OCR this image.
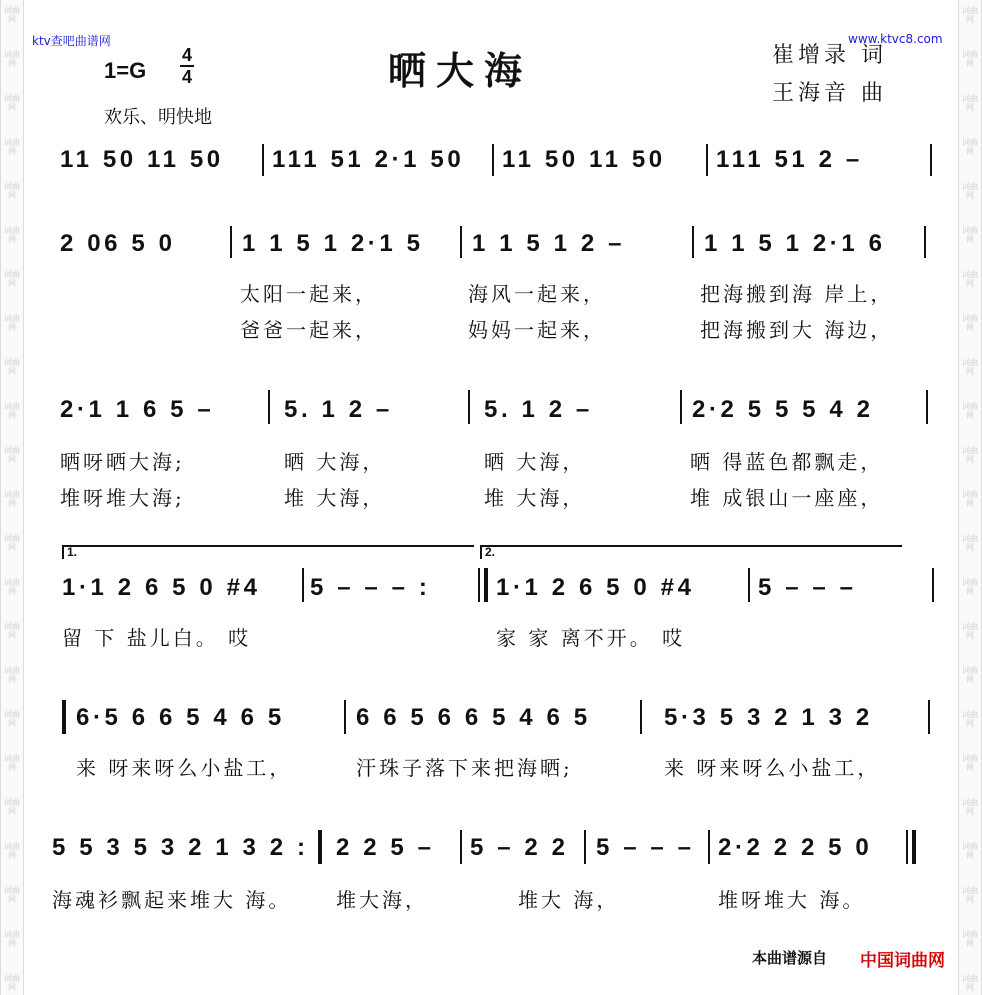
词曲网
词曲网
词曲网
词曲网
词曲网
词曲网
词曲网
词曲网
词曲网
词曲网
词曲网
词曲网
词曲网
词曲网
词曲网
词曲网
词曲网
词曲网
词曲网
词曲网
词曲网
词曲网
词曲网
词曲网
词曲网
词曲网
词曲网
词曲网
词曲网
词曲网
词曲网
词曲网
词曲网
词曲网
词曲网
词曲网
词曲网
词曲网
词曲网
词曲网
词曲网
词曲网
词曲网
词曲网
词曲网
词曲网
ktv查吧曲谱网	www.ktvc8.com
晒大海	崔增录 词
王海音 曲
1=G
4
4
欢乐、明快地
11 50 11 50 111 51 2·1 50 11 50 11 50 111 51 2 –
2 06 5 0	1 1 5 1 2·1 5 1 1 5 1 2 –	1 1 5 1 2·1 6
太阳一起来，	海风一起来，	把海搬到海 岸上，
爸爸一起来，	妈妈一起来，	把海搬到大 海边，
2·1 1 6 5 –	5. 1 2 –	5. 1 2 –	2·2 5 5 5 4 2
晒呀晒大海;	晒 大海，	晒 大海，	晒 得蓝色都飘走，
堆呀堆大海;	堆 大海，	堆 大海，	堆 成银山一座座，
1.	2.
1·1 2 6 5 0 #4 5 – – – :	1·1 2 6 5 0 #4	5 – – –
留 下 盐儿白。 哎	家 家 离不开。 哎
6·5 6 6 5 4 6 5	6 6 5 6 6 5 4 6 5	5·3 5 3 2 1 3 2
来 呀来呀么小盐工，	汗珠子落下来把海晒;	来 呀来呀么小盐工，
5 5 3 5 3 2 1 3 2 : 2 2 5 – 5 – 2 2 5 – – – 2·2 2 2 5 0
海魂衫飘起来堆大 海。 堆大海，	堆大 海，	堆呀堆大 海。
本曲谱源自 中国词曲网
